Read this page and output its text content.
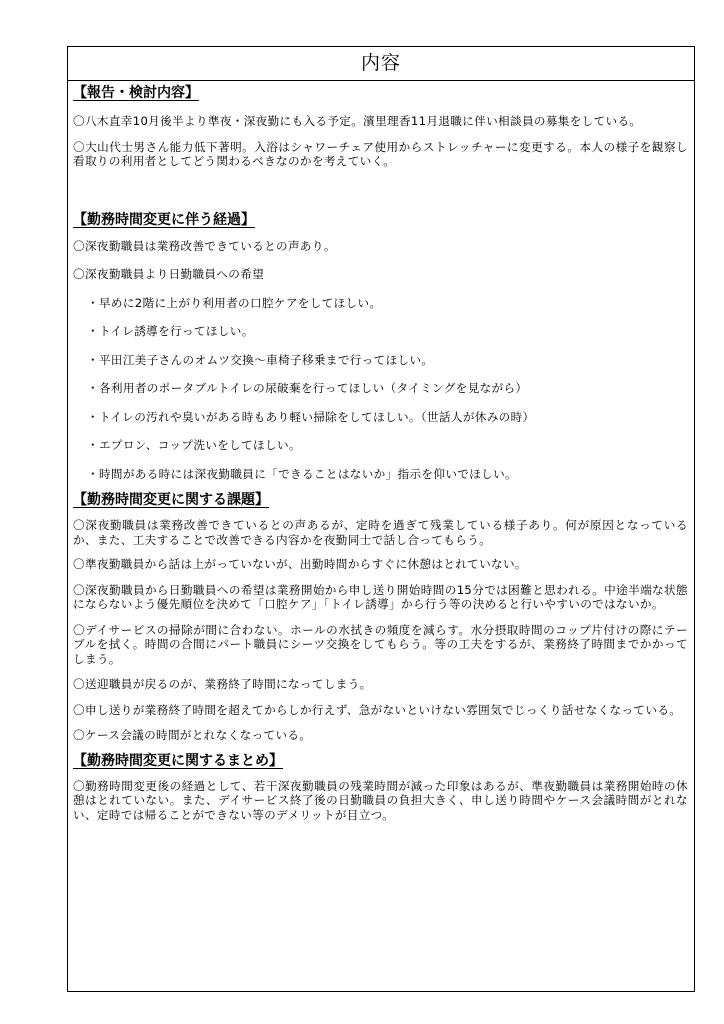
内容
【報告・検討内容】
〇八木直幸10月後半より準夜・深夜勤にも入る予定。濱里理香11月退職に伴い相談員の募集をしている。
〇大山代士男さん能力低下著明。入浴はシャワーチェア使用からストレッチャーに変更する。本人の様子を観察し看取りの利用者としてどう関わるべきなのかを考えていく。
【勤務時間変更に伴う経過】
〇深夜勤職員は業務改善できているとの声あり。
〇深夜勤職員より日勤職員への希望
・早めに2階に上がり利用者の口腔ケアをしてほしい。
・トイレ誘導を行ってほしい。
・平田江美子さんのオムツ交換～車椅子移乗まで行ってほしい。
・各利用者のポータブルトイレの尿破棄を行ってほしい（タイミングを見ながら）
・トイレの汚れや臭いがある時もあり軽い掃除をしてほしい。（世話人が休みの時）
・エプロン、コップ洗いをしてほしい。
・時間がある時には深夜勤職員に「できることはないか」指示を仰いでほしい。
【勤務時間変更に関する課題】
〇深夜勤職員は業務改善できているとの声あるが、定時を過ぎて残業している様子あり。何が原因となっているか、また、工夫することで改善できる内容かを夜勤同士で話し合ってもらう。
〇準夜勤職員から話は上がっていないが、出勤時間からすぐに休憩はとれていない。
〇深夜勤職員から日勤職員への希望は業務開始から申し送り開始時間の15分では困難と思われる。中途半端な状態にならないよう優先順位を決めて「口腔ケア」「トイレ誘導」から行う等の決めると行いやすいのではないか。
〇デイサービスの掃除が間に合わない。ホールの水拭きの頻度を減らす。水分摂取時間のコップ片付けの際にテーブルを拭く。時間の合間にパート職員にシーツ交換をしてもらう。等の工夫をするが、業務終了時間までかかってしまう。
〇送迎職員が戻るのが、業務終了時間になってしまう。
〇申し送りが業務終了時間を超えてからしか行えず、急がないといけない雰囲気でじっくり話せなくなっている。
〇ケース会議の時間がとれなくなっている。
【勤務時間変更に関するまとめ】
〇勤務時間変更後の経過として、若干深夜勤職員の残業時間が減った印象はあるが、準夜勤職員は業務開始時の休憩はとれていない。また、デイサービス終了後の日勤職員の負担大きく、申し送り時間やケース会議時間がとれない、定時では帰ることができない等のデメリットが目立つ。
